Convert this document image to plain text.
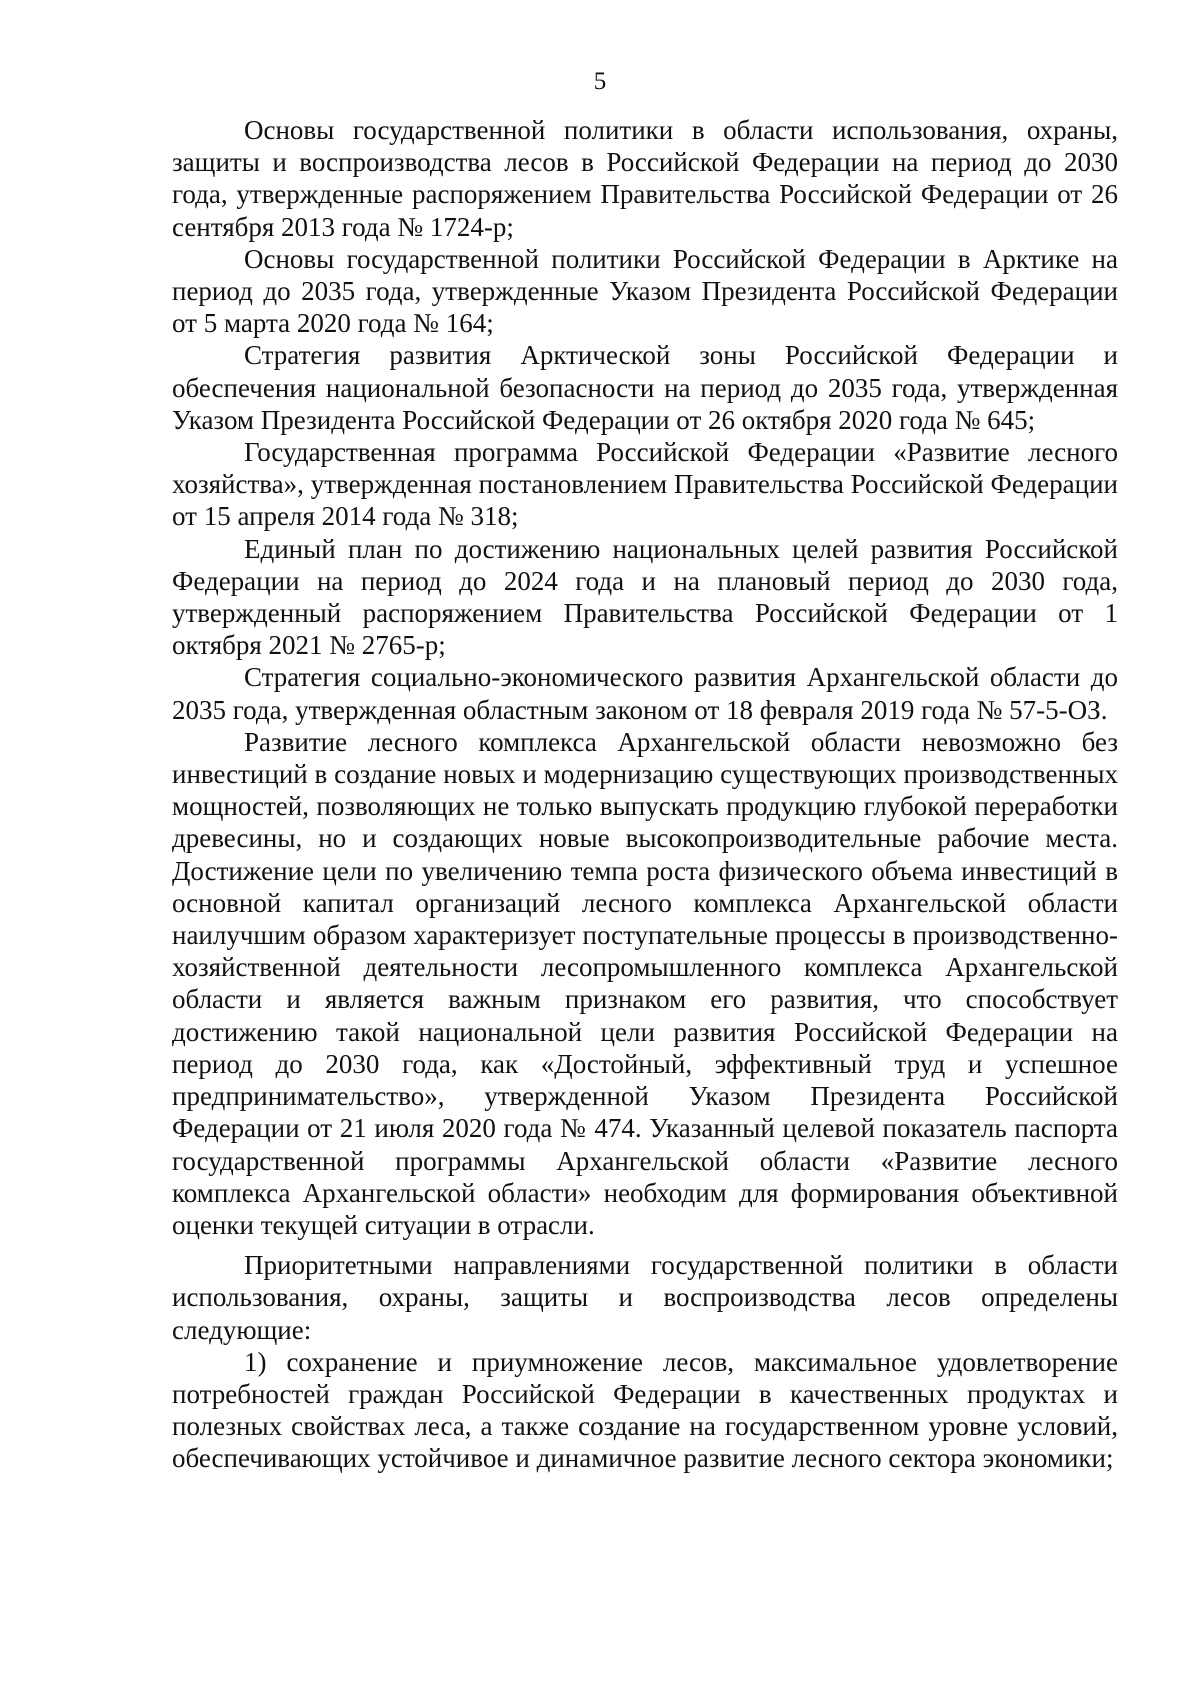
5

Основы государственной политики в области использования, охраны, защиты и воспроизводства лесов в Российской Федерации на период до 2030 года, утвержденные распоряжением Правительства Российской Федерации от 26 сентября 2013 года № 1724-р;

Основы государственной политики Российской Федерации в Арктике на период до 2035 года, утвержденные Указом Президента Российской Федерации от 5 марта 2020 года № 164;

Стратегия развития Арктической зоны Российской Федерации и обеспечения национальной безопасности на период до 2035 года, утвержденная Указом Президента Российской Федерации от 26 октября 2020 года № 645;

Государственная программа Российской Федерации «Развитие лесного хозяйства», утвержденная постановлением Правительства Российской Федерации от 15 апреля 2014 года № 318;

Единый план по достижению национальных целей развития Российской Федерации на период до 2024 года и на плановый период до 2030 года, утвержденный распоряжением Правительства Российской Федерации от 1 октября 2021 № 2765-р;

Стратегия социально-экономического развития Архангельской области до 2035 года, утвержденная областным законом от 18 февраля 2019 года № 57-5-ОЗ.

Развитие лесного комплекса Архангельской области невозможно без инвестиций в создание новых и модернизацию существующих производственных мощностей, позволяющих не только выпускать продукцию глубокой переработки древесины, но и создающих новые высокопроизводительные рабочие места. Достижение цели по увеличению темпа роста физического объема инвестиций в основной капитал организаций лесного комплекса Архангельской области наилучшим образом характеризует поступательные процессы в производственно-хозяйственной деятельности лесопромышленного комплекса Архангельской области и является важным признаком его развития, что способствует достижению такой национальной цели развития Российской Федерации на период до 2030 года, как «Достойный, эффективный труд и успешное предпринимательство», утвержденной Указом Президента Российской Федерации от 21 июля 2020 года № 474. Указанный целевой показатель паспорта государственной программы Архангельской области «Развитие лесного комплекса Архангельской области» необходим для формирования объективной оценки текущей ситуации в отрасли.

Приоритетными направлениями государственной политики в области использования, охраны, защиты и воспроизводства лесов определены следующие:

1) сохранение и приумножение лесов, максимальное удовлетворение потребностей граждан Российской Федерации в качественных продуктах и полезных свойствах леса, а также создание на государственном уровне условий, обеспечивающих устойчивое и динамичное развитие лесного сектора экономики;
